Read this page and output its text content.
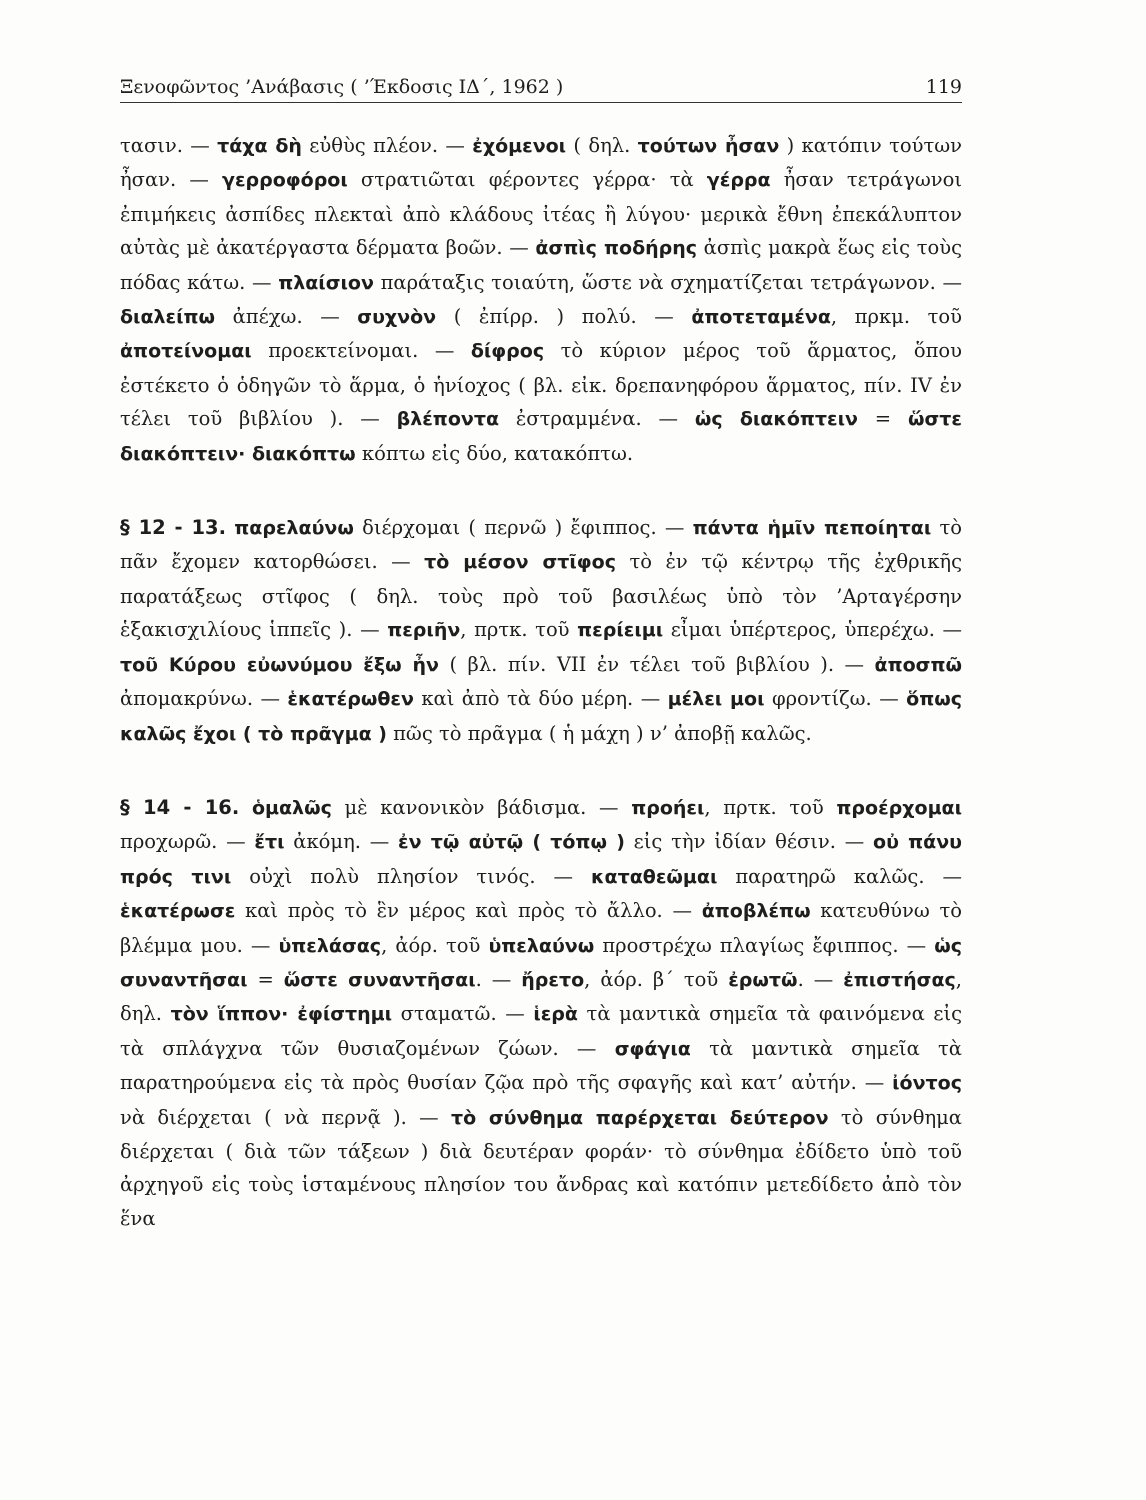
Ξενοφῶντος ’Ανάβασις ( ’Έκδοσις ΙΔ΄, 1962 )	119

τασιν. — τάχα δὴ εὐθὺς πλέον. — ἐχόμενοι ( δηλ. τούτων ἦσαν ) κατόπιν τούτων ἦσαν. — γερροφόροι στρατιῶται φέροντες γέρρα· τὰ γέρρα ἦσαν τετράγωνοι ἐπιμήκεις ἀσπίδες πλεκταὶ ἀπὸ κλάδους ἰτέας ἢ λύγου· μερικὰ ἔθνη ἐπεκάλυπτον αὐτὰς μὲ ἀκατέργαστα δέρματα βοῶν. — ἀσπὶς ποδήρης ἀσπὶς μακρὰ ἕως εἰς τοὺς πόδας κάτω. — πλαίσιον παράταξις τοιαύτη, ὥστε νὰ σχηματίζεται τετράγωνον. — διαλείπω ἀπέχω. — συχνὸν ( ἐπίρρ. ) πολύ. — ἀποτεταμένα, πρκμ. τοῦ ἀποτείνομαι προεκτείνομαι. — δίφρος τὸ κύριον μέρος τοῦ ἅρματος, ὅπου ἐστέκετο ὁ ὁδηγῶν τὸ ἅρμα, ὁ ἡνίοχος ( βλ. εἰκ. δρεπανηφόρου ἅρματος, πίν. IV ἐν τέλει τοῦ βιβλίου ). — βλέποντα ἐστραμμένα. — ὡς διακόπτειν = ὥστε διακόπτειν· διακόπτω κόπτω εἰς δύο, κατακόπτω.

§ 12 - 13. παρελαύνω διέρχομαι ( περνῶ ) ἔφιππος. — πάντα ἡμῖν πεποίηται τὸ πᾶν ἔχομεν κατορθώσει. — τὸ μέσον στῖφος τὸ ἐν τῷ κέντρῳ τῆς ἐχθρικῆς παρατάξεως στῖφος ( δηλ. τοὺς πρὸ τοῦ βασιλέως ὑπὸ τὸν ’Αρταγέρσην ἑξακισχιλίους ἱππεῖς ). — περιῆν, πρτκ. τοῦ περίειμι εἶμαι ὑπέρτερος, ὑπερέχω. — τοῦ Κύρου εὐωνύμου ἔξω ἦν ( βλ. πίν. VII ἐν τέλει τοῦ βιβλίου ). — ἀποσπῶ ἀπομακρύνω. — ἑκατέρωθεν καὶ ἀπὸ τὰ δύο μέρη. — μέλει μοι φροντίζω. — ὅπως καλῶς ἔχοι ( τὸ πρᾶγμα ) πῶς τὸ πρᾶγμα ( ἡ μάχη ) ν’ ἀποβῇ καλῶς.

§ 14 - 16. ὁμαλῶς μὲ κανονικὸν βάδισμα. — προήει, πρτκ. τοῦ προέρχομαι προχωρῶ. — ἔτι ἀκόμη. — ἐν τῷ αὐτῷ ( τόπῳ ) εἰς τὴν ἰδίαν θέσιν. — οὐ πάνυ πρός τινι οὐχὶ πολὺ πλησίον τινός. — καταθεῶμαι παρατηρῶ καλῶς. — ἑκατέρωσε καὶ πρὸς τὸ ἓν μέρος καὶ πρὸς τὸ ἄλλο. — ἀποβλέπω κατευθύνω τὸ βλέμμα μου. — ὑπελάσας, ἀόρ. τοῦ ὑπελαύνω προστρέχω πλαγίως ἔφιππος. — ὡς συναντῆσαι = ὥστε συναντῆσαι. — ἤρετο, ἀόρ. β΄ τοῦ ἐρωτῶ. — ἐπιστήσας, δηλ. τὸν ἵππον· ἐφίστημι σταματῶ. — ἱερὰ τὰ μαντικὰ σημεῖα τὰ φαινόμενα εἰς τὰ σπλάγχνα τῶν θυσιαζομένων ζώων. — σφάγια τὰ μαντικὰ σημεῖα τὰ παρατηρούμενα εἰς τὰ πρὸς θυσίαν ζῷα πρὸ τῆς σφαγῆς καὶ κατ’ αὐτήν. — ἰόντος νὰ διέρχεται ( νὰ περνᾷ ). — τὸ σύνθημα παρέρχεται δεύτερον τὸ σύνθημα διέρχεται ( διὰ τῶν τάξεων ) διὰ δευτέραν φοράν· τὸ σύνθημα ἐδίδετο ὑπὸ τοῦ ἀρχηγοῦ εἰς τοὺς ἱσταμένους πλησίον του ἄνδρας καὶ κατόπιν μετεδίδετο ἀπὸ τὸν ἕνα
